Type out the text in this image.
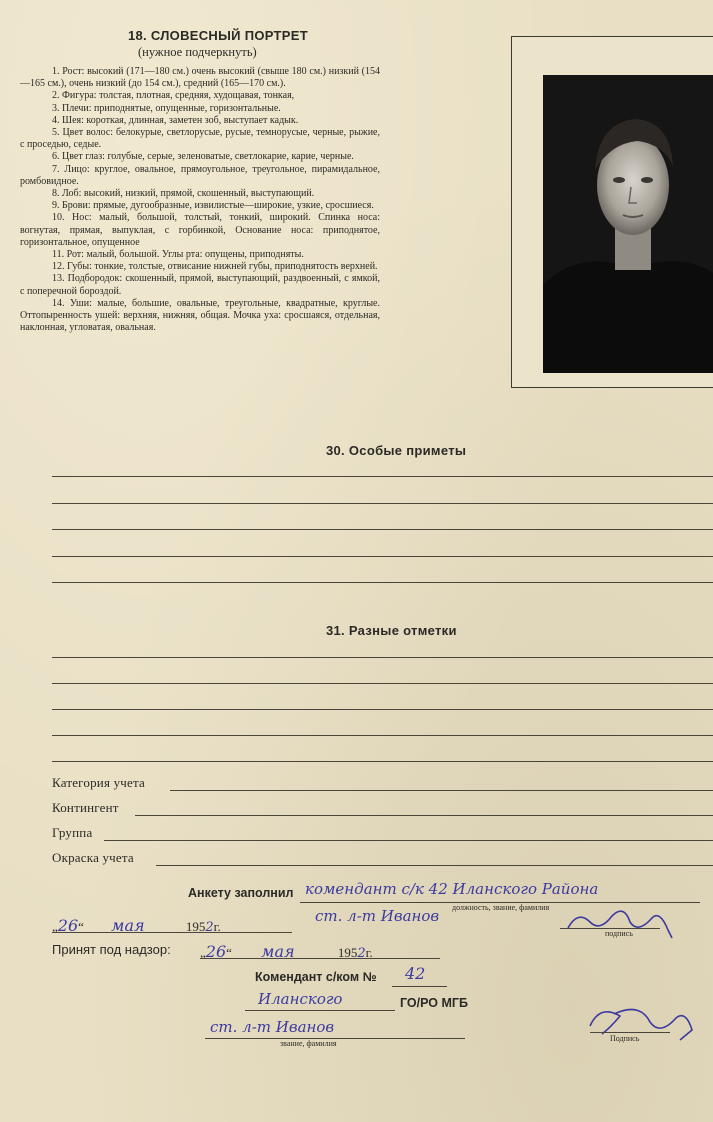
18. СЛОВЕСНЫЙ ПОРТРЕТ
(нужное подчеркнуть)

1. Рост: высокий (171—180 см.) очень высокий (свыше 180 см.) низкий (154—165 см.), очень низкий (до 154 см.), средний (165—170 см.).

2. Фигура: толстая, плотная, средняя, худощавая, тонкая,

3. Плечи: приподнятые, опущенные, горизонтальные.

4. Шея: короткая, длинная, заметен зоб, выступает кадык.

5. Цвет волос: белокурые, светлорусые, русые, темнорусые, черные, рыжие, с проседью, седые.

6. Цвет глаз: голубые, серые, зеленоватые, светлокарие, карие, черные.

7. Лицо: круглое, овальное, прямоугольное, треугольное, пирамидальное, ромбовидное.

8. Лоб: высокий, низкий, прямой, скошенный, выступающий.

9. Брови: прямые, дугообразные, извилистые—широкие, узкие, сросшиеся.

10. Нос: малый, большой, толстый, тонкий, широкий. Спинка носа: вогнутая, прямая, выпуклая, с горбинкой, Основание носа: приподнятое, горизонтальное, опущенное

11. Рот: малый, большой. Углы рта: опущены, приподняты.

12. Губы: тонкие, толстые, отвисание нижней губы, приподнятость верхней.

13. Подбородок: скошенный, прямой, выступающий, раздвоенный, с ямкой, с поперечной бороздой.

14. Уши: малые, большие, овальные, треугольные, квадратные, круглые. Оттопыренность ушей: верхняя, нижняя, общая. Мочка уха: сросшаяся, отдельная, наклонная, угловатая, овальная.

30. Особые приметы
31. Разные отметки
Категория учета
Контингент
Группа
Окраска учета
Анкету заполнил комендант с/к 42 Иланского Района
должность, звание, фамилия
ст. л-т Иванов
„26“ мая	1952г.	подпись
Принят под надзор: „26“ мая	1952г.
Комендант с/ком № 42
Иланского	ГО/РО МГБ
ст. л-т Иванов
звание, фамилия
Подпись
